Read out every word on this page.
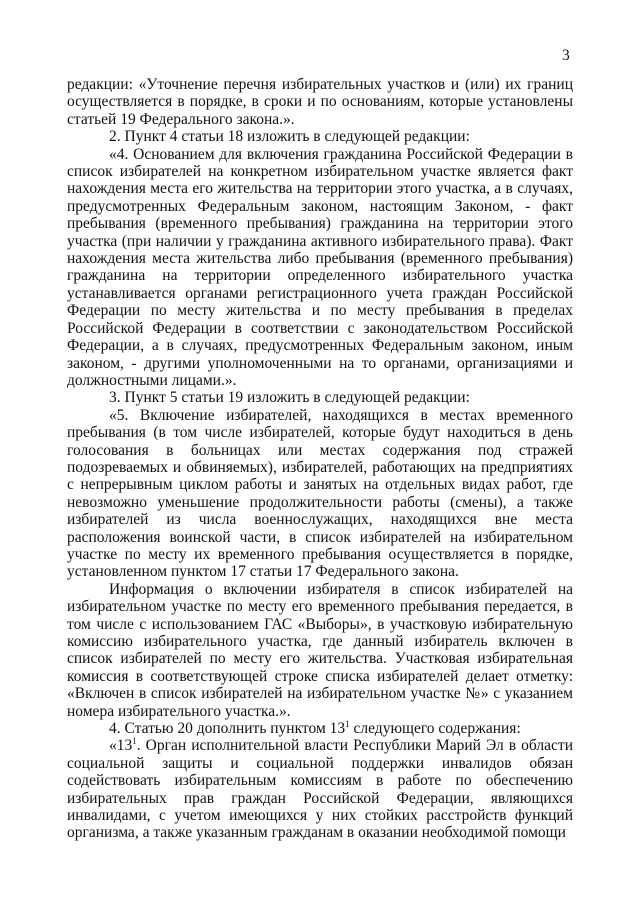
3

редакции: «Уточнение перечня избирательных участков и (или) их границ осуществляется в порядке, в сроки и по основаниям, которые установлены статьей 19 Федерального закона.».

2. Пункт 4 статьи 18 изложить в следующей редакции:

«4. Основанием для включения гражданина Российской Федерации в список избирателей на конкретном избирательном участке является факт нахождения места его жительства на территории этого участка, а в случаях, предусмотренных Федеральным законом, настоящим Законом, - факт пребывания (временного пребывания) гражданина на территории этого участка (при наличии у гражданина активного избирательного права). Факт нахождения места жительства либо пребывания (временного пребывания) гражданина на территории определенного избирательного участка устанавливается органами регистрационного учета граждан Российской Федерации по месту жительства и по месту пребывания в пределах Российской Федерации в соответствии с законодательством Российской Федерации, а в случаях, предусмотренных Федеральным законом, иным законом, - другими уполномоченными на то органами, организациями и должностными лицами.».

3. Пункт 5 статьи 19 изложить в следующей редакции:

«5. Включение избирателей, находящихся в местах временного пребывания (в том числе избирателей, которые будут находиться в день голосования в больницах или местах содержания под стражей подозреваемых и обвиняемых), избирателей, работающих на предприятиях с непрерывным циклом работы и занятых на отдельных видах работ, где невозможно уменьшение продолжительности работы (смены), а также избирателей из числа военнослужащих, находящихся вне места расположения воинской части, в список избирателей на избирательном участке по месту их временного пребывания осуществляется в порядке, установленном пунктом 17 статьи 17 Федерального закона.

Информация о включении избирателя в список избирателей на избирательном участке по месту его временного пребывания передается, в том числе с использованием ГАС «Выборы», в участковую избирательную комиссию избирательного участка, где данный избиратель включен в список избирателей по месту его жительства. Участковая избирательная комиссия в соответствующей строке списка избирателей делает отметку: «Включен в список избирателей на избирательном участке №» с указанием номера избирательного участка.».

4. Статью 20 дополнить пунктом $13^1$ следующего содержания:

«$13^1$. Орган исполнительной власти Республики Марий Эл в области социальной защиты и социальной поддержки инвалидов обязан содействовать избирательным комиссиям в работе по обеспечению избирательных прав граждан Российской Федерации, являющихся инвалидами, с учетом имеющихся у них стойких расстройств функций организма, а также указанным гражданам в оказании необходимой помощи
